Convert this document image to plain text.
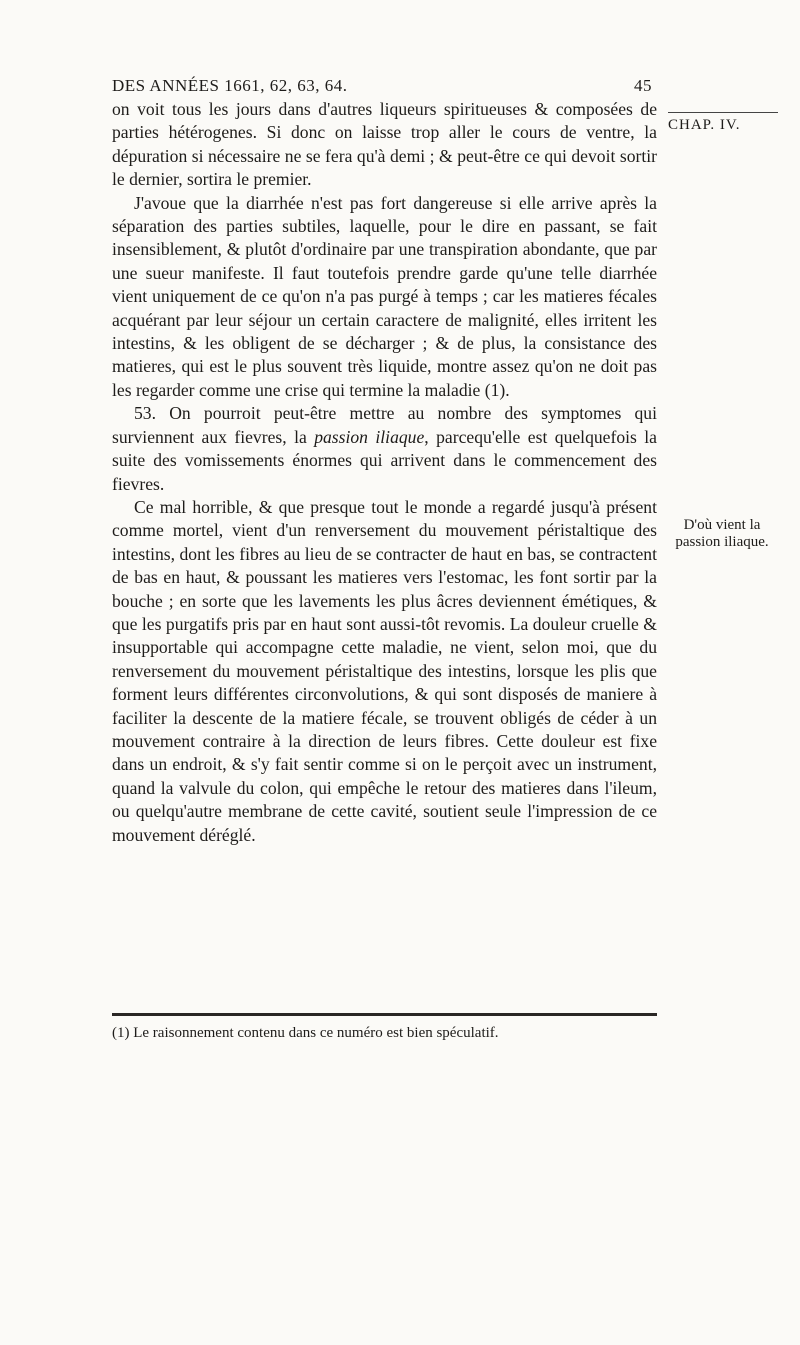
DES ANNÉES 1661, 62, 63, 64.	45
CHAP. IV.

on voit tous les jours dans d'autres liqueurs spiritueuses & composées de parties hétérogenes. Si donc on laisse trop aller le cours de ventre, la dépuration si nécessaire ne se fera qu'à demi ; & peut-être ce qui devoit sortir le dernier, sortira le premier.

J'avoue que la diarrhée n'est pas fort dangereuse si elle arrive après la séparation des parties subtiles, laquelle, pour le dire en passant, se fait insensiblement, & plutôt d'ordinaire par une transpiration abondante, que par une sueur manifeste. Il faut toutefois prendre garde qu'une telle diarrhée vient uniquement de ce qu'on n'a pas purgé à temps ; car les matieres fécales acquérant par leur séjour un certain caractere de malignité, elles irritent les intestins, & les obligent de se décharger ; & de plus, la consistance des matieres, qui est le plus souvent très liquide, montre assez qu'on ne doit pas les regarder comme une crise qui termine la maladie (1).

53. On pourroit peut-être mettre au nombre des symptomes qui surviennent aux fievres, la passion iliaque, parcequ'elle est quelquefois la suite des vomissements énormes qui arrivent dans le commencement des fievres.

Ce mal horrible, & que presque tout le monde a regardé jusqu'à présent comme mortel, vient d'un renversement du mouvement péristaltique des intestins, dont les fibres au lieu de se contracter de haut en bas, se contractent de bas en haut, & poussant les matieres vers l'estomac, les font sortir par la bouche ; en sorte que les lavements les plus âcres deviennent émétiques, & que les purgatifs pris par en haut sont aussi-tôt revomis. La douleur cruelle & insupportable qui accompagne cette maladie, ne vient, selon moi, que du renversement du mouvement péristaltique des intestins, lorsque les plis que forment leurs différentes circonvolutions, & qui sont disposés de maniere à faciliter la descente de la matiere fécale, se trouvent obligés de céder à un mouvement contraire à la direction de leurs fibres. Cette douleur est fixe dans un endroit, & s'y fait sentir comme si on le perçoit avec un instrument, quand la valvule du colon, qui empêche le retour des matieres dans l'ileum, ou quelqu'autre membrane de cette cavité, soutient seule l'impression de ce mouvement déréglé.

D'où vient la passion iliaque.
(1) Le raisonnement contenu dans ce numéro est bien spéculatif.
